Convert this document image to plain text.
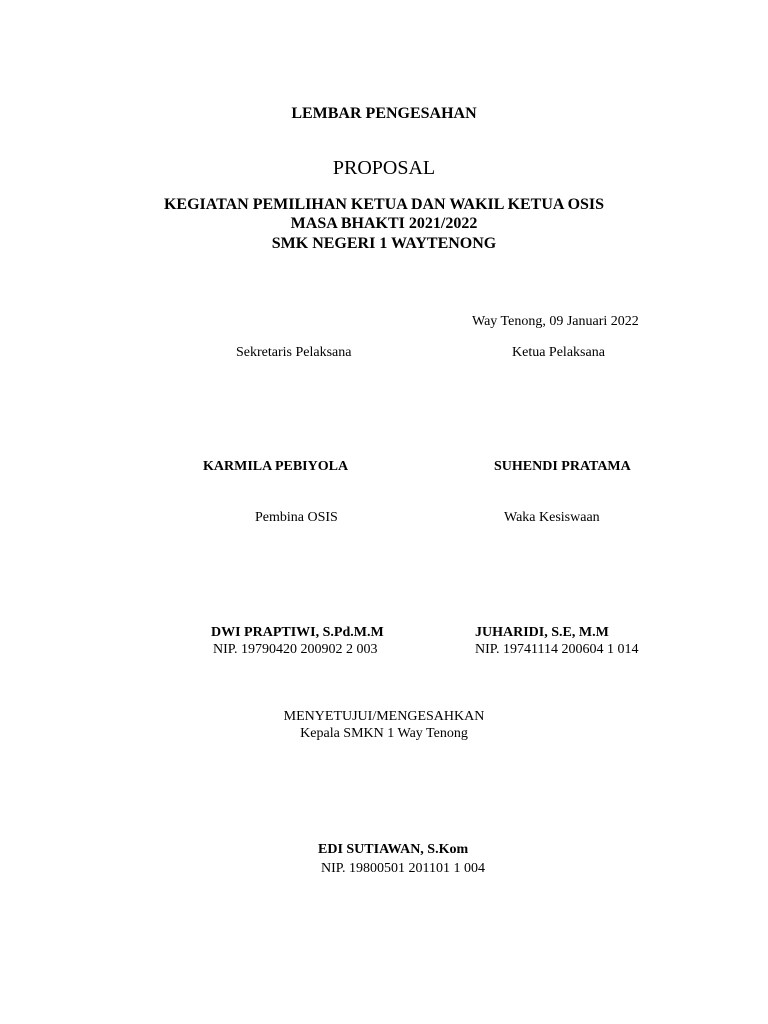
LEMBAR PENGESAHAN
PROPOSAL
KEGIATAN PEMILIHAN KETUA DAN WAKIL KETUA OSIS
MASA BHAKTI 2021/2022
SMK NEGERI 1 WAYTENONG
Way Tenong, 09 Januari 2022
Sekretaris Pelaksana	Ketua Pelaksana
KARMILA PEBIYOLA	SUHENDI PRATAMA
Pembina OSIS	Waka Kesiswaan
DWI PRAPTIWI, S.Pd.M.M	JUHARIDI, S.E, M.M
NIP. 19790420 200902 2 003	NIP. 19741114 200604 1 014
MENYETUJUI/MENGESAHKAN
Kepala SMKN 1 Way Tenong
EDI SUTIAWAN, S.Kom
NIP. 19800501 201101 1 004
